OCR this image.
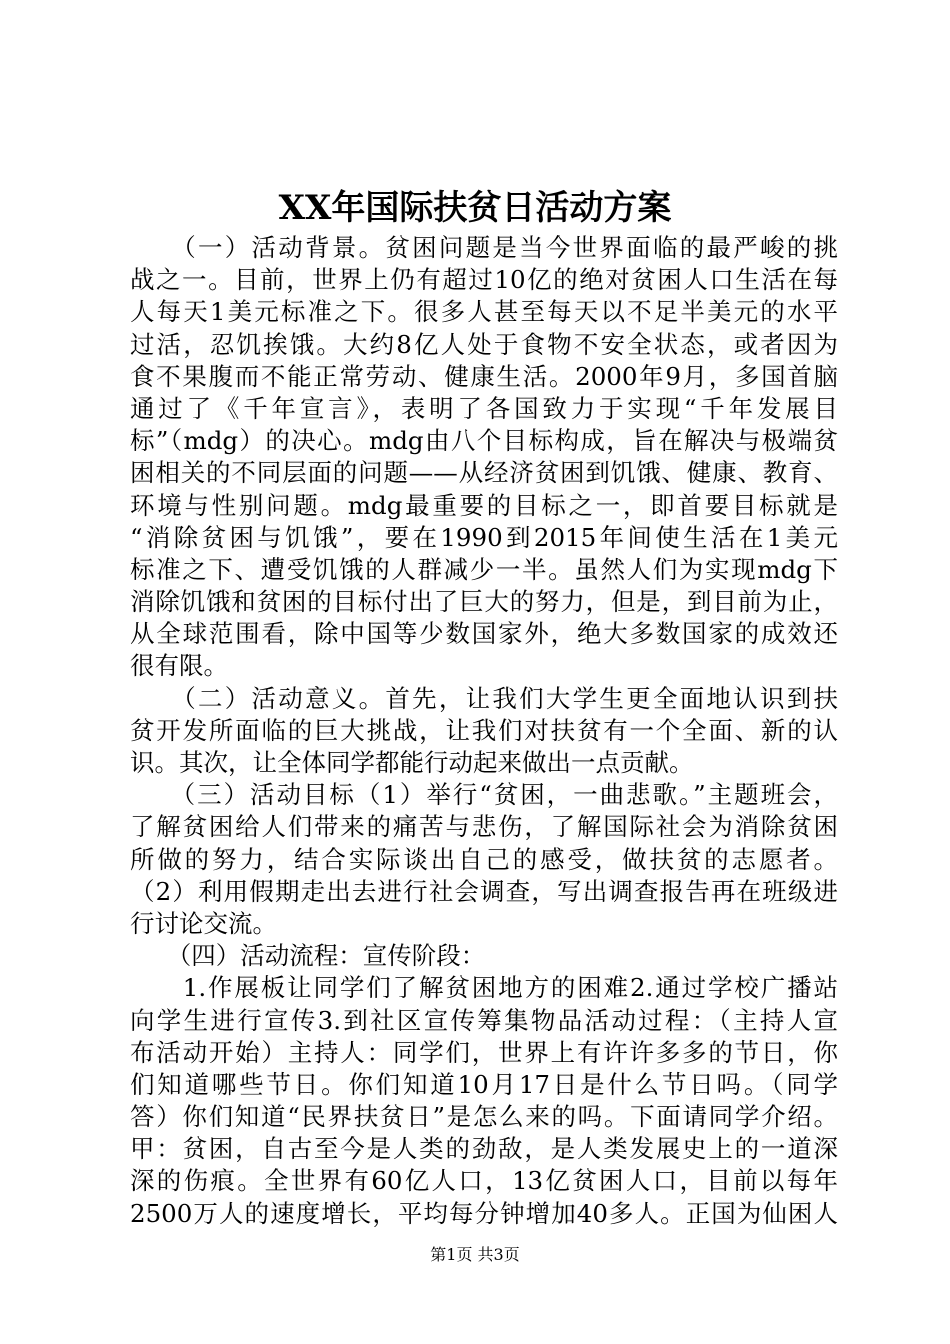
XX年国际扶贫日活动方案
　　（一）活动背景。贫困问题是当今世界面临的最严峻的挑
战之一。目前，世界上仍有超过10亿的绝对贫困人口生活在每
人每天1美元标准之下。很多人甚至每天以不足半美元的水平
过活，忍饥挨饿。大约8亿人处于食物不安全状态，或者因为
食不果腹而不能正常劳动、健康生活。2000年9月，多国首脑
通过了《千年宣言》，表明了各国致力于实现“千年发展目
标”（mdg）的决心。mdg由八个目标构成，旨在解决与极端贫
困相关的不同层面的问题——从经济贫困到饥饿、健康、教育、
环境与性别问题。mdg最重要的目标之一，即首要目标就是
“消除贫困与饥饿”，要在1990到2015年间使生活在1美元
标准之下、遭受饥饿的人群减少一半。虽然人们为实现mdg下
消除饥饿和贫困的目标付出了巨大的努力，但是，到目前为止，
从全球范围看，除中国等少数国家外，绝大多数国家的成效还
很有限。
　　（二）活动意义。首先，让我们大学生更全面地认识到扶
贫开发所面临的巨大挑战，让我们对扶贫有一个全面、新的认
识。其次，让全体同学都能行动起来做出一点贡献。
　　（三）活动目标（1）举行“贫困，一曲悲歌。”主题班会，
了解贫困给人们带来的痛苦与悲伤，了解国际社会为消除贫困
所做的努力，结合实际谈出自己的感受，做扶贫的志愿者。
（2）利用假期走出去进行社会调查，写出调查报告再在班级进
行讨论交流。
　　（四）活动流程：宣传阶段：
　　1.作展板让同学们了解贫困地方的困难2.通过学校广播站
向学生进行宣传3.到社区宣传筹集物品活动过程：（主持人宣
布活动开始）主持人：同学们，世界上有许许多多的节日，你
们知道哪些节日。你们知道10月17日是什么节日吗。（同学
答）你们知道“民界扶贫日”是怎么来的吗。下面请同学介绍。
甲：贫困，自古至今是人类的劲敌，是人类发展史上的一道深
深的伤痕。全世界有60亿人口，13亿贫困人口，目前以每年
2500万人的速度增长，平均每分钟增加40多人。正国为仙困人
第1页 共3页
